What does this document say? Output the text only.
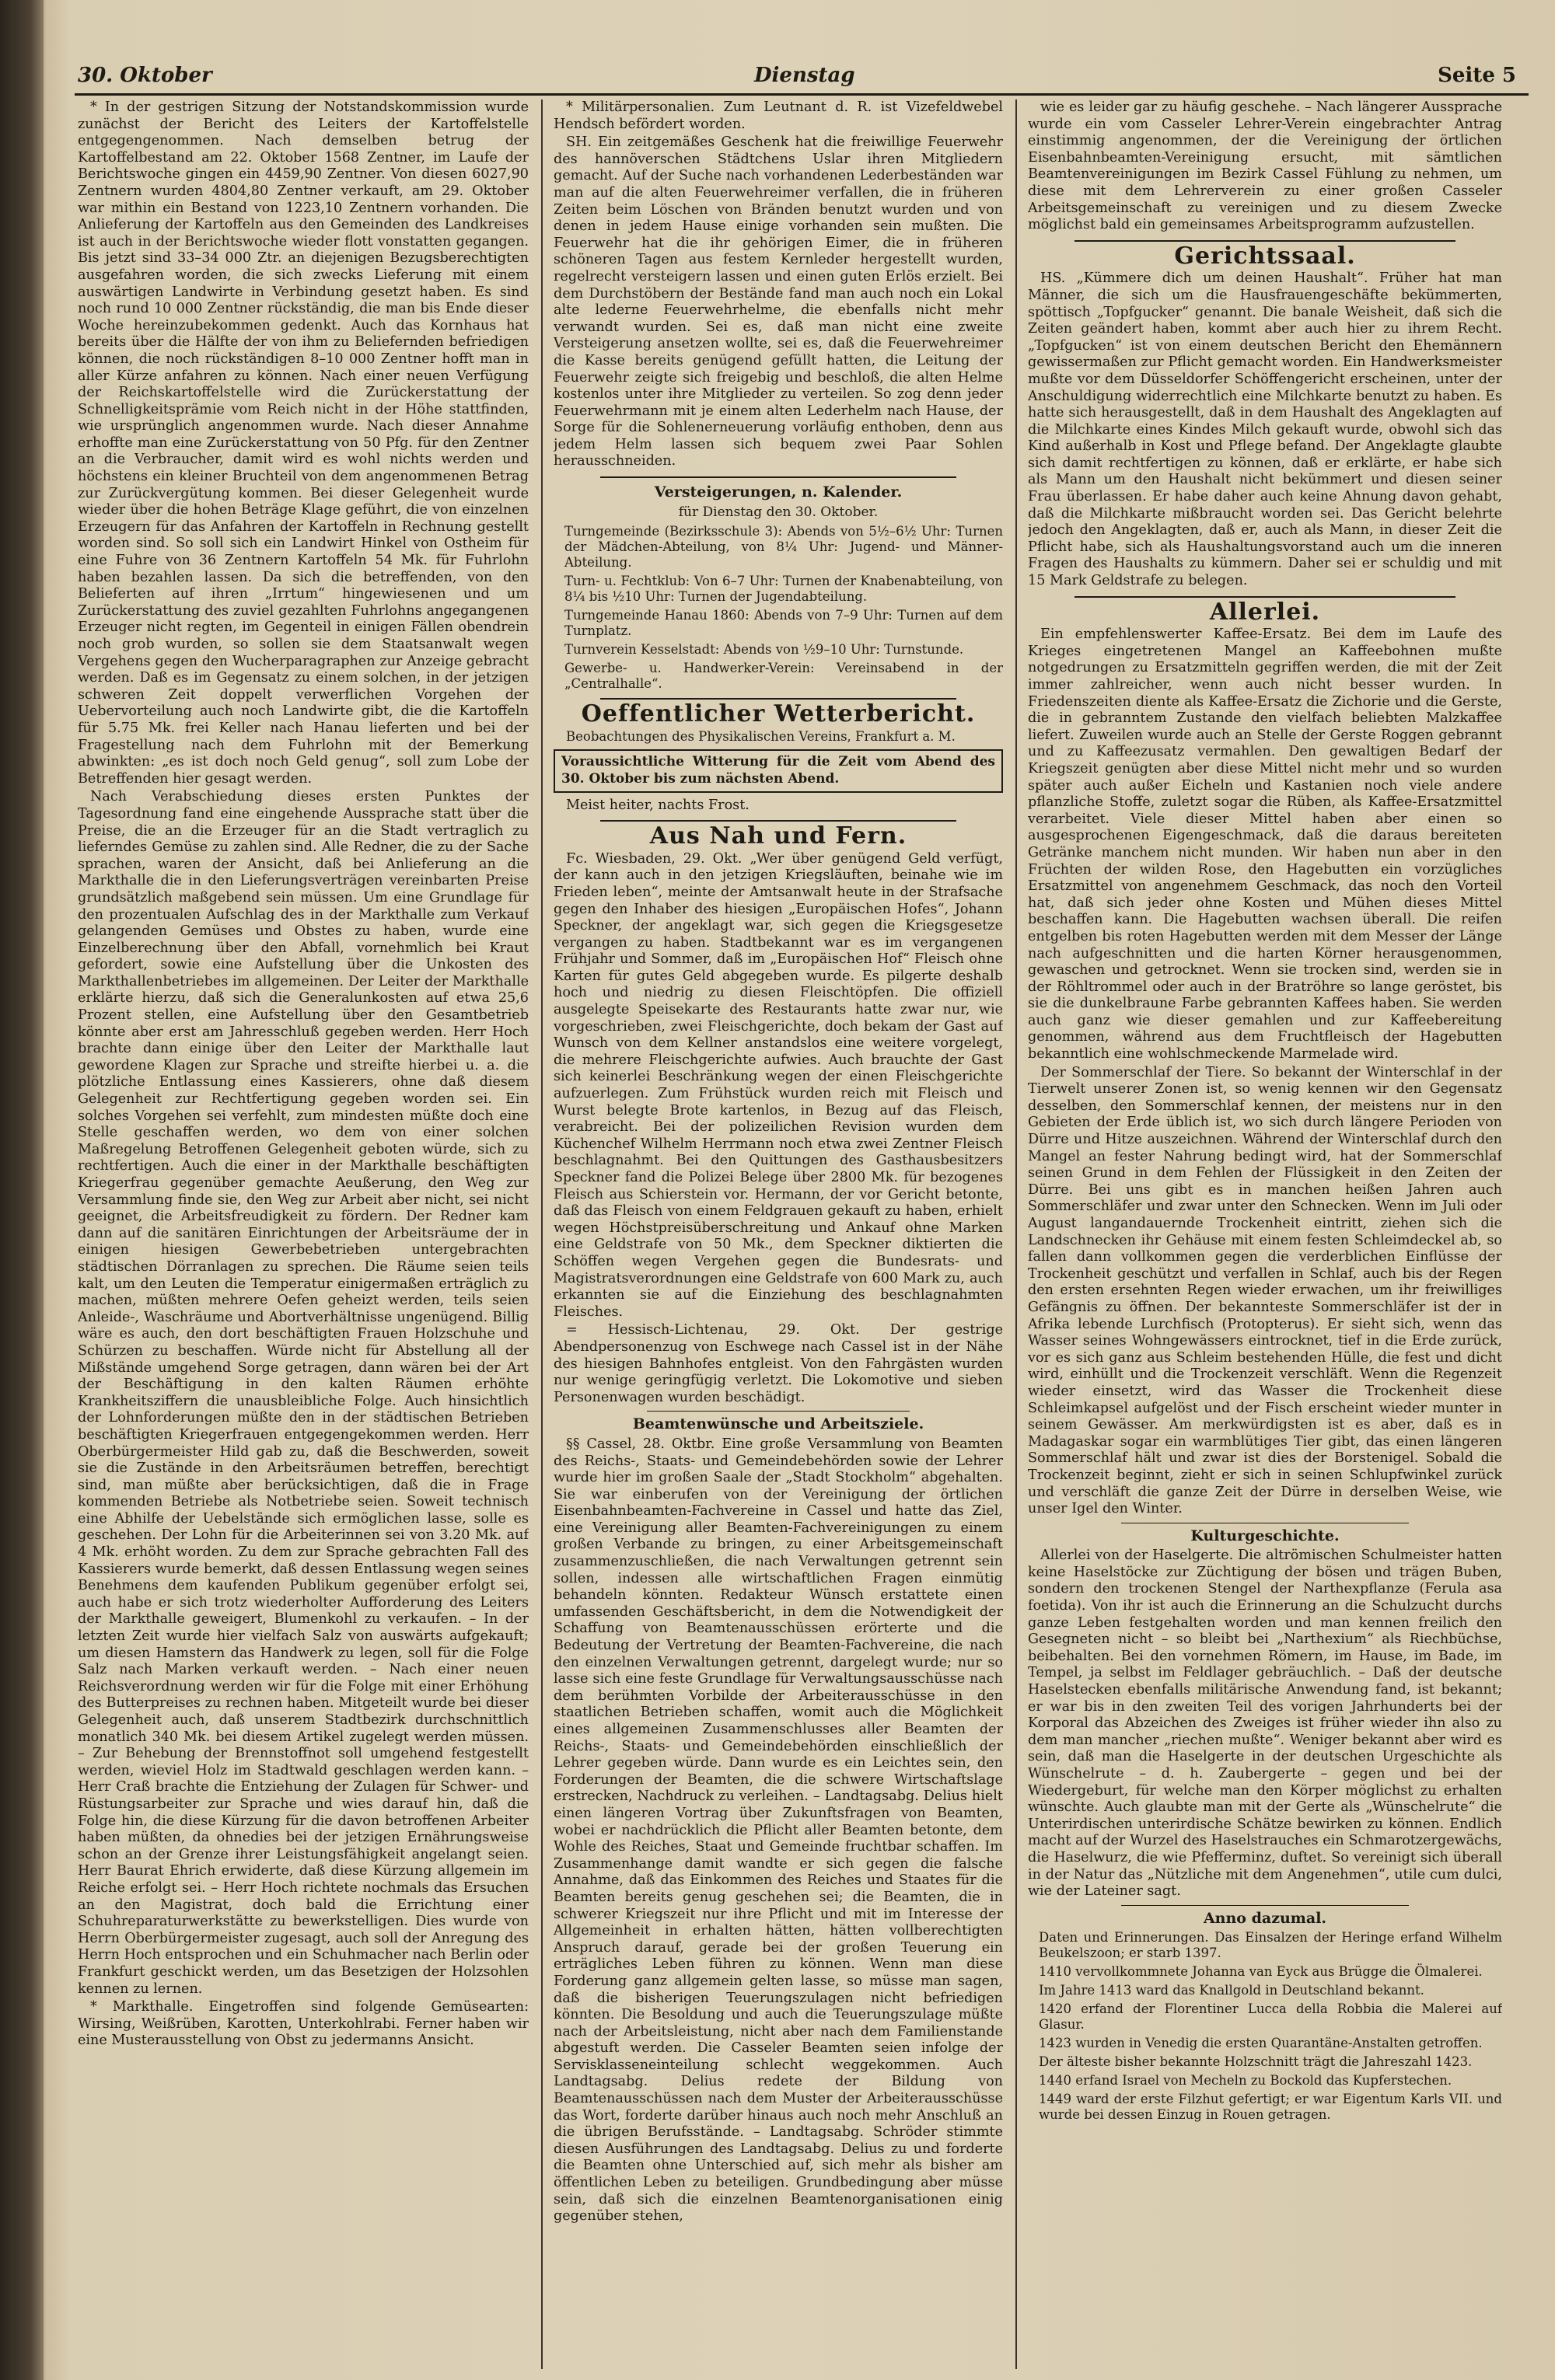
30. Oktober	Dienstag	Seite 5

* In der gestrigen Sitzung der Notstandskommission wurde zunächst der Bericht des Leiters der Kartoffelstelle entgegengenommen. Nach demselben betrug der Kartoffelbestand am 22. Oktober 1568 Zentner, im Laufe der Berichtswoche gingen ein 4459,90 Zentner. Von diesen 6027,90 Zentnern wurden 4804,80 Zentner verkauft, am 29. Oktober war mithin ein Bestand von 1223,10 Zentnern vorhanden. Die Anlieferung der Kartoffeln aus den Gemeinden des Landkreises ist auch in der Berichtswoche wieder flott vonstatten gegangen. Bis jetzt sind 33–34 000 Ztr. an diejenigen Bezugsberechtigten ausgefahren worden, die sich zwecks Lieferung mit einem auswärtigen Landwirte in Verbindung gesetzt haben. Es sind noch rund 10 000 Zentner rückständig, die man bis Ende dieser Woche hereinzubekommen gedenkt. Auch das Kornhaus hat bereits über die Hälfte der von ihm zu Beliefernden befriedigen können, die noch rückständigen 8–10 000 Zentner hofft man in aller Kürze anfahren zu können. Nach einer neuen Verfügung der Reichskartoffelstelle wird die Zurückerstattung der Schnelligkeitsprämie vom Reich nicht in der Höhe stattfinden, wie ursprünglich angenommen wurde. Nach dieser Annahme erhoffte man eine Zurückerstattung von 50 Pfg. für den Zentner an die Verbraucher, damit wird es wohl nichts werden und höchstens ein kleiner Bruchteil von dem angenommenen Betrag zur Zurückvergütung kommen. Bei dieser Gelegenheit wurde wieder über die hohen Beträge Klage geführt, die von einzelnen Erzeugern für das Anfahren der Kartoffeln in Rechnung gestellt worden sind. So soll sich ein Landwirt Hinkel von Ostheim für eine Fuhre von 36 Zentnern Kartoffeln 54 Mk. für Fuhrlohn haben bezahlen lassen. Da sich die betreffenden, von den Belieferten auf ihren „Irrtum“ hingewiesenen und um Zurückerstattung des zuviel gezahlten Fuhrlohns angegangenen Erzeuger nicht regten, im Gegenteil in einigen Fällen obendrein noch grob wurden, so sollen sie dem Staatsanwalt wegen Vergehens gegen den Wucherparagraphen zur Anzeige gebracht werden. Daß es im Gegensatz zu einem solchen, in der jetzigen schweren Zeit doppelt verwerflichen Vorgehen der Uebervorteilung auch noch Landwirte gibt, die die Kartoffeln für 5.75 Mk. frei Keller nach Hanau lieferten und bei der Fragestellung nach dem Fuhrlohn mit der Bemerkung abwinkten: „es ist doch noch Geld genug“, soll zum Lobe der Betreffenden hier gesagt werden.

Nach Verabschiedung dieses ersten Punktes der Tagesordnung fand eine eingehende Aussprache statt über die Preise, die an die Erzeuger für an die Stadt vertraglich zu lieferndes Gemüse zu zahlen sind. Alle Redner, die zu der Sache sprachen, waren der Ansicht, daß bei Anlieferung an die Markthalle die in den Lieferungsverträgen vereinbarten Preise grundsätzlich maßgebend sein müssen. Um eine Grundlage für den prozentualen Aufschlag des in der Markthalle zum Verkauf gelangenden Gemüses und Obstes zu haben, wurde eine Einzelberechnung über den Abfall, vornehmlich bei Kraut gefordert, sowie eine Aufstellung über die Unkosten des Markthallenbetriebes im allgemeinen. Der Leiter der Markthalle erklärte hierzu, daß sich die Generalunkosten auf etwa 25,6 Prozent stellen, eine Aufstellung über den Gesamtbetrieb könnte aber erst am Jahresschluß gegeben werden. Herr Hoch brachte dann einige über den Leiter der Markthalle laut gewordene Klagen zur Sprache und streifte hierbei u. a. die plötzliche Entlassung eines Kassierers, ohne daß diesem Gelegenheit zur Rechtfertigung gegeben worden sei. Ein solches Vorgehen sei verfehlt, zum mindesten müßte doch eine Stelle geschaffen werden, wo dem von einer solchen Maßregelung Betroffenen Gelegenheit geboten würde, sich zu rechtfertigen. Auch die einer in der Markthalle beschäftigten Kriegerfrau gegenüber gemachte Aeußerung, den Weg zur Versammlung finde sie, den Weg zur Arbeit aber nicht, sei nicht geeignet, die Arbeitsfreudigkeit zu fördern. Der Redner kam dann auf die sanitären Einrichtungen der Arbeitsräume der in einigen hiesigen Gewerbebetrieben untergebrachten städtischen Dörranlagen zu sprechen. Die Räume seien teils kalt, um den Leuten die Temperatur einigermaßen erträglich zu machen, müßten mehrere Oefen geheizt werden, teils seien Anleide-, Waschräume und Abortverhältnisse ungenügend. Billig wäre es auch, den dort beschäftigten Frauen Holzschuhe und Schürzen zu beschaffen. Würde nicht für Abstellung all der Mißstände umgehend Sorge getragen, dann wären bei der Art der Beschäftigung in den kalten Räumen erhöhte Krankheitsziffern die unausbleibliche Folge. Auch hinsichtlich der Lohnforderungen müßte den in der städtischen Betrieben beschäftigten Kriegerfrauen entgegengekommen werden. Herr Oberbürgermeister Hild gab zu, daß die Beschwerden, soweit sie die Zustände in den Arbeitsräumen betreffen, berechtigt sind, man müßte aber berücksichtigen, daß die in Frage kommenden Betriebe als Notbetriebe seien. Soweit technisch eine Abhilfe der Uebelstände sich ermöglichen lasse, solle es geschehen. Der Lohn für die Arbeiterinnen sei von 3.20 Mk. auf 4 Mk. erhöht worden. Zu dem zur Sprache gebrachten Fall des Kassierers wurde bemerkt, daß dessen Entlassung wegen seines Benehmens dem kaufenden Publikum gegenüber erfolgt sei, auch habe er sich trotz wiederholter Aufforderung des Leiters der Markthalle geweigert, Blumenkohl zu verkaufen. – In der letzten Zeit wurde hier vielfach Salz von auswärts aufgekauft; um diesen Hamstern das Handwerk zu legen, soll für die Folge Salz nach Marken verkauft werden. – Nach einer neuen Reichsverordnung werden wir für die Folge mit einer Erhöhung des Butterpreises zu rechnen haben. Mitgeteilt wurde bei dieser Gelegenheit auch, daß unserem Stadtbezirk durchschnittlich monatlich 340 Mk. bei diesem Artikel zugelegt werden müssen. – Zur Behebung der Brennstoffnot soll umgehend festgestellt werden, wieviel Holz im Stadtwald geschlagen werden kann. – Herr Craß brachte die Entziehung der Zulagen für Schwer- und Rüstungsarbeiter zur Sprache und wies darauf hin, daß die Folge hin, die diese Kürzung für die davon betroffenen Arbeiter haben müßten, da ohnedies bei der jetzigen Ernährungsweise schon an der Grenze ihrer Leistungsfähigkeit angelangt seien. Herr Baurat Ehrich erwiderte, daß diese Kürzung allgemein im Reiche erfolgt sei. – Herr Hoch richtete nochmals das Ersuchen an den Magistrat, doch bald die Errichtung einer Schuhreparaturwerkstätte zu bewerkstelligen. Dies wurde von Herrn Oberbürgermeister zugesagt, auch soll der Anregung des Herrn Hoch entsprochen und ein Schuhmacher nach Berlin oder Frankfurt geschickt werden, um das Besetzigen der Holzsohlen kennen zu lernen.

* Markthalle. Eingetroffen sind folgende Gemüsearten: Wirsing, Weißrüben, Karotten, Unterkohlrabi. Ferner haben wir eine Musterausstellung von Obst zu jedermanns Ansicht.

* Militärpersonalien. Zum Leutnant d. R. ist Vizefeldwebel Hendsch befördert worden.

SH. Ein zeitgemäßes Geschenk hat die freiwillige Feuerwehr des hannöverschen Städtchens Uslar ihren Mitgliedern gemacht. Auf der Suche nach vorhandenen Lederbeständen war man auf die alten Feuerwehreimer verfallen, die in früheren Zeiten beim Löschen von Bränden benutzt wurden und von denen in jedem Hause einige vorhanden sein mußten. Die Feuerwehr hat die ihr gehörigen Eimer, die in früheren schöneren Tagen aus festem Kernleder hergestellt wurden, regelrecht versteigern lassen und einen guten Erlös erzielt. Bei dem Durchstöbern der Bestände fand man auch noch ein Lokal alte lederne Feuerwehrhelme, die ebenfalls nicht mehr verwandt wurden. Sei es, daß man nicht eine zweite Versteigerung ansetzen wollte, sei es, daß die Feuerwehreimer die Kasse bereits genügend gefüllt hatten, die Leitung der Feuerwehr zeigte sich freigebig und beschloß, die alten Helme kostenlos unter ihre Mitglieder zu verteilen. So zog denn jeder Feuerwehrmann mit je einem alten Lederhelm nach Hause, der Sorge für die Sohlenerneuerung vorläufig enthoben, denn aus jedem Helm lassen sich bequem zwei Paar Sohlen herausschneiden.

Versteigerungen, n. Kalender.
für Dienstag den 30. Oktober.

Turngemeinde (Bezirksschule 3): Abends von 5½–6½ Uhr: Turnen der Mädchen-Abteilung, von 8¼ Uhr: Jugend- und Männer-Abteilung.

Turn- u. Fechtklub: Von 6–7 Uhr: Turnen der Knabenabteilung, von 8¼ bis ½10 Uhr: Turnen der Jugendabteilung.

Turngemeinde Hanau 1860: Abends von 7–9 Uhr: Turnen auf dem Turnplatz.

Turnverein Kesselstadt: Abends von ½9–10 Uhr: Turnstunde.

Gewerbe- u. Handwerker-Verein: Vereinsabend in der „Centralhalle“.

Oeffentlicher Wetterbericht.

Beobachtungen des Physikalischen Vereins, Frankfurt a. M.

Voraussichtliche Witterung für die Zeit vom Abend des 30. Oktober bis zum nächsten Abend.

Meist heiter, nachts Frost.

Aus Nah und Fern.

Fc. Wiesbaden, 29. Okt. „Wer über genügend Geld verfügt, der kann auch in den jetzigen Kriegsläuften, beinahe wie im Frieden leben“, meinte der Amtsanwalt heute in der Strafsache gegen den Inhaber des hiesigen „Europäischen Hofes“, Johann Speckner, der angeklagt war, sich gegen die Kriegsgesetze vergangen zu haben. Stadtbekannt war es im vergangenen Frühjahr und Sommer, daß im „Europäischen Hof“ Fleisch ohne Karten für gutes Geld abgegeben wurde. Es pilgerte deshalb hoch und niedrig zu diesen Fleischtöpfen. Die offiziell ausgelegte Speisekarte des Restaurants hatte zwar nur, wie vorgeschrieben, zwei Fleischgerichte, doch bekam der Gast auf Wunsch von dem Kellner anstandslos eine weitere vorgelegt, die mehrere Fleischgerichte aufwies. Auch brauchte der Gast sich keinerlei Beschränkung wegen der einen Fleischgerichte aufzuerlegen. Zum Frühstück wurden reich mit Fleisch und Wurst belegte Brote kartenlos, in Bezug auf das Fleisch, verabreicht. Bei der polizeilichen Revision wurden dem Küchenchef Wilhelm Herrmann noch etwa zwei Zentner Fleisch beschlagnahmt. Bei den Quittungen des Gasthausbesitzers Speckner fand die Polizei Belege über 2800 Mk. für bezogenes Fleisch aus Schierstein vor. Hermann, der vor Gericht betonte, daß das Fleisch von einem Feldgrauen gekauft zu haben, erhielt wegen Höchstpreisüberschreitung und Ankauf ohne Marken eine Geldstrafe von 50 Mk., dem Speckner diktierten die Schöffen wegen Vergehen gegen die Bundesrats- und Magistratsverordnungen eine Geldstrafe von 600 Mark zu, auch erkannten sie auf die Einziehung des beschlagnahmten Fleisches.

= Hessisch-Lichtenau, 29. Okt. Der gestrige Abendpersonenzug von Eschwege nach Cassel ist in der Nähe des hiesigen Bahnhofes entgleist. Von den Fahrgästen wurden nur wenige geringfügig verletzt. Die Lokomotive und sieben Personenwagen wurden beschädigt.

Beamtenwünsche und Arbeitsziele.

§§ Cassel, 28. Oktbr. Eine große Versammlung von Beamten des Reichs-, Staats- und Gemeindebehörden sowie der Lehrer wurde hier im großen Saale der „Stadt Stockholm“ abgehalten. Sie war einberufen von der Vereinigung der örtlichen Eisenbahnbeamten-Fachvereine in Cassel und hatte das Ziel, eine Vereinigung aller Beamten-Fachvereinigungen zu einem großen Verbande zu bringen, zu einer Arbeitsgemeinschaft zusammenzuschließen, die nach Verwaltungen getrennt sein sollen, indessen alle wirtschaftlichen Fragen einmütig behandeln könnten. Redakteur Wünsch erstattete einen umfassenden Geschäftsbericht, in dem die Notwendigkeit der Schaffung von Beamtenausschüssen erörterte und die Bedeutung der Vertretung der Beamten-Fachvereine, die nach den einzelnen Verwaltungen getrennt, dargelegt wurde; nur so lasse sich eine feste Grundlage für Verwaltungsausschüsse nach dem berühmten Vorbilde der Arbeiterausschüsse in den staatlichen Betrieben schaffen, womit auch die Möglichkeit eines allgemeinen Zusammenschlusses aller Beamten der Reichs-, Staats- und Gemeindebehörden einschließlich der Lehrer gegeben würde. Dann wurde es ein Leichtes sein, den Forderungen der Beamten, die die schwere Wirtschaftslage erstrecken, Nachdruck zu verleihen. – Landtagsabg. Delius hielt einen längeren Vortrag über Zukunftsfragen von Beamten, wobei er nachdrücklich die Pflicht aller Beamten betonte, dem Wohle des Reiches, Staat und Gemeinde fruchtbar schaffen. Im Zusammenhange damit wandte er sich gegen die falsche Annahme, daß das Einkommen des Reiches und Staates für die Beamten bereits genug geschehen sei; die Beamten, die in schwerer Kriegszeit nur ihre Pflicht und mit im Interesse der Allgemeinheit in erhalten hätten, hätten vollberechtigten Anspruch darauf, gerade bei der großen Teuerung ein erträgliches Leben führen zu können. Wenn man diese Forderung ganz allgemein gelten lasse, so müsse man sagen, daß die bisherigen Teuerungszulagen nicht befriedigen könnten. Die Besoldung und auch die Teuerungszulage müßte nach der Arbeitsleistung, nicht aber nach dem Familienstande abgestuft werden. Die Casseler Beamten seien infolge der Servisklasseneinteilung schlecht weggekommen. Auch Landtagsabg. Delius redete der Bildung von Beamtenausschüssen nach dem Muster der Arbeiterausschüsse das Wort, forderte darüber hinaus auch noch mehr Anschluß an die übrigen Berufsstände. – Landtagsabg. Schröder stimmte diesen Ausführungen des Landtagsabg. Delius zu und forderte die Beamten ohne Unterschied auf, sich mehr als bisher am öffentlichen Leben zu beteiligen. Grundbedingung aber müsse sein, daß sich die einzelnen Beamtenorganisationen einig gegenüber stehen,

wie es leider gar zu häufig geschehe. – Nach längerer Aussprache wurde ein vom Casseler Lehrer-Verein eingebrachter Antrag einstimmig angenommen, der die Vereinigung der örtlichen Eisenbahnbeamten-Vereinigung ersucht, mit sämtlichen Beamtenvereinigungen im Bezirk Cassel Fühlung zu nehmen, um diese mit dem Lehrerverein zu einer großen Casseler Arbeitsgemeinschaft zu vereinigen und zu diesem Zwecke möglichst bald ein gemeinsames Arbeitsprogramm aufzustellen.

Gerichtssaal.

HS. „Kümmere dich um deinen Haushalt“. Früher hat man Männer, die sich um die Hausfrauengeschäfte bekümmerten, spöttisch „Topfgucker“ genannt. Die banale Weisheit, daß sich die Zeiten geändert haben, kommt aber auch hier zu ihrem Recht. „Topfgucken“ ist von einem deutschen Bericht den Ehemännern gewissermaßen zur Pflicht gemacht worden. Ein Handwerksmeister mußte vor dem Düsseldorfer Schöffengericht erscheinen, unter der Anschuldigung widerrechtlich eine Milchkarte benutzt zu haben. Es hatte sich herausgestellt, daß in dem Haushalt des Angeklagten auf die Milchkarte eines Kindes Milch gekauft wurde, obwohl sich das Kind außerhalb in Kost und Pflege befand. Der Angeklagte glaubte sich damit rechtfertigen zu können, daß er erklärte, er habe sich als Mann um den Haushalt nicht bekümmert und diesen seiner Frau überlassen. Er habe daher auch keine Ahnung davon gehabt, daß die Milchkarte mißbraucht worden sei. Das Gericht belehrte jedoch den Angeklagten, daß er, auch als Mann, in dieser Zeit die Pflicht habe, sich als Haushaltungsvorstand auch um die inneren Fragen des Haushalts zu kümmern. Daher sei er schuldig und mit 15 Mark Geldstrafe zu belegen.

Allerlei.

Ein empfehlenswerter Kaffee-Ersatz. Bei dem im Laufe des Krieges eingetretenen Mangel an Kaffeebohnen mußte notgedrungen zu Ersatzmitteln gegriffen werden, die mit der Zeit immer zahlreicher, wenn auch nicht besser wurden. In Friedenszeiten diente als Kaffee-Ersatz die Zichorie und die Gerste, die in gebranntem Zustande den vielfach beliebten Malzkaffee liefert. Zuweilen wurde auch an Stelle der Gerste Roggen gebrannt und zu Kaffeezusatz vermahlen. Den gewaltigen Bedarf der Kriegszeit genügten aber diese Mittel nicht mehr und so wurden später auch außer Eicheln und Kastanien noch viele andere pflanzliche Stoffe, zuletzt sogar die Rüben, als Kaffee-Ersatzmittel verarbeitet. Viele dieser Mittel haben aber einen so ausgesprochenen Eigengeschmack, daß die daraus bereiteten Getränke manchem nicht munden. Wir haben nun aber in den Früchten der wilden Rose, den Hagebutten ein vorzügliches Ersatzmittel von angenehmem Geschmack, das noch den Vorteil hat, daß sich jeder ohne Kosten und Mühen dieses Mittel beschaffen kann. Die Hagebutten wachsen überall. Die reifen entgelben bis roten Hagebutten werden mit dem Messer der Länge nach aufgeschnitten und die harten Körner herausgenommen, gewaschen und getrocknet. Wenn sie trocken sind, werden sie in der Röhltrommel oder auch in der Bratröhre so lange geröstet, bis sie die dunkelbraune Farbe gebrannten Kaffees haben. Sie werden auch ganz wie dieser gemahlen und zur Kaffeebereitung genommen, während aus dem Fruchtfleisch der Hagebutten bekanntlich eine wohlschmeckende Marmelade wird.

Der Sommerschlaf der Tiere. So bekannt der Winterschlaf in der Tierwelt unserer Zonen ist, so wenig kennen wir den Gegensatz desselben, den Sommerschlaf kennen, der meistens nur in den Gebieten der Erde üblich ist, wo sich durch längere Perioden von Dürre und Hitze auszeichnen. Während der Winterschlaf durch den Mangel an fester Nahrung bedingt wird, hat der Sommerschlaf seinen Grund in dem Fehlen der Flüssigkeit in den Zeiten der Dürre. Bei uns gibt es in manchen heißen Jahren auch Sommerschläfer und zwar unter den Schnecken. Wenn im Juli oder August langandauernde Trockenheit eintritt, ziehen sich die Landschnecken ihr Gehäuse mit einem festen Schleimdeckel ab, so fallen dann vollkommen gegen die verderblichen Einflüsse der Trockenheit geschützt und verfallen in Schlaf, auch bis der Regen den ersten ersehnten Regen wieder erwachen, um ihr freiwilliges Gefängnis zu öffnen. Der bekannteste Sommerschläfer ist der in Afrika lebende Lurchfisch (Protopterus). Er sieht sich, wenn das Wasser seines Wohngewässers eintrocknet, tief in die Erde zurück, vor es sich ganz aus Schleim bestehenden Hülle, die fest und dicht wird, einhüllt und die Trockenzeit verschläft. Wenn die Regenzeit wieder einsetzt, wird das Wasser die Trockenheit diese Schleimkapsel aufgelöst und der Fisch erscheint wieder munter in seinem Gewässer. Am merkwürdigsten ist es aber, daß es in Madagaskar sogar ein warmblütiges Tier gibt, das einen längeren Sommerschlaf hält und zwar ist dies der Borstenigel. Sobald die Trockenzeit beginnt, zieht er sich in seinen Schlupfwinkel zurück und verschläft die ganze Zeit der Dürre in derselben Weise, wie unser Igel den Winter.

Kulturgeschichte.

Allerlei von der Haselgerte. Die altrömischen Schulmeister hatten keine Haselstöcke zur Züchtigung der bösen und trägen Buben, sondern den trockenen Stengel der Narthexpflanze (Ferula asa foetida). Von ihr ist auch die Erinnerung an die Schulzucht durchs ganze Leben festgehalten worden und man kennen freilich den Gesegneten nicht – so bleibt bei „Narthexium“ als Riechbüchse, beibehalten. Bei den vornehmen Römern, im Hause, im Bade, im Tempel, ja selbst im Feldlager gebräuchlich. – Daß der deutsche Haselstecken ebenfalls militärische Anwendung fand, ist bekannt; er war bis in den zweiten Teil des vorigen Jahrhunderts bei der Korporal das Abzeichen des Zweiges ist früher wieder ihn also zu dem man mancher „riechen mußte“. Weniger bekannt aber wird es sein, daß man die Haselgerte in der deutschen Urgeschichte als Wünschelrute – d. h. Zaubergerte – gegen und bei der Wiedergeburt, für welche man den Körper möglichst zu erhalten wünschte. Auch glaubte man mit der Gerte als „Wünschelrute“ die Unterirdischen unterirdische Schätze bewirken zu können. Endlich macht auf der Wurzel des Haselstrauches ein Schmarotzergewächs, die Haselwurz, die wie Pfefferminz, duftet. So vereinigt sich überall in der Natur das „Nützliche mit dem Angenehmen“, utile cum dulci, wie der Lateiner sagt.

Anno dazumal.

Daten und Erinnerungen. Das Einsalzen der Heringe erfand Wilhelm Beukelszoon; er starb 1397.

1410 vervollkommnete Johanna van Eyck aus Brügge die Ölmalerei.

Im Jahre 1413 ward das Knallgold in Deutschland bekannt.

1420 erfand der Florentiner Lucca della Robbia die Malerei auf Glasur.

1423 wurden in Venedig die ersten Quarantäne-Anstalten getroffen.

Der älteste bisher bekannte Holzschnitt trägt die Jahreszahl 1423.

1440 erfand Israel von Mecheln zu Bockold das Kupferstechen.

1449 ward der erste Filzhut gefertigt; er war Eigentum Karls VII. und wurde bei dessen Einzug in Rouen getragen.
